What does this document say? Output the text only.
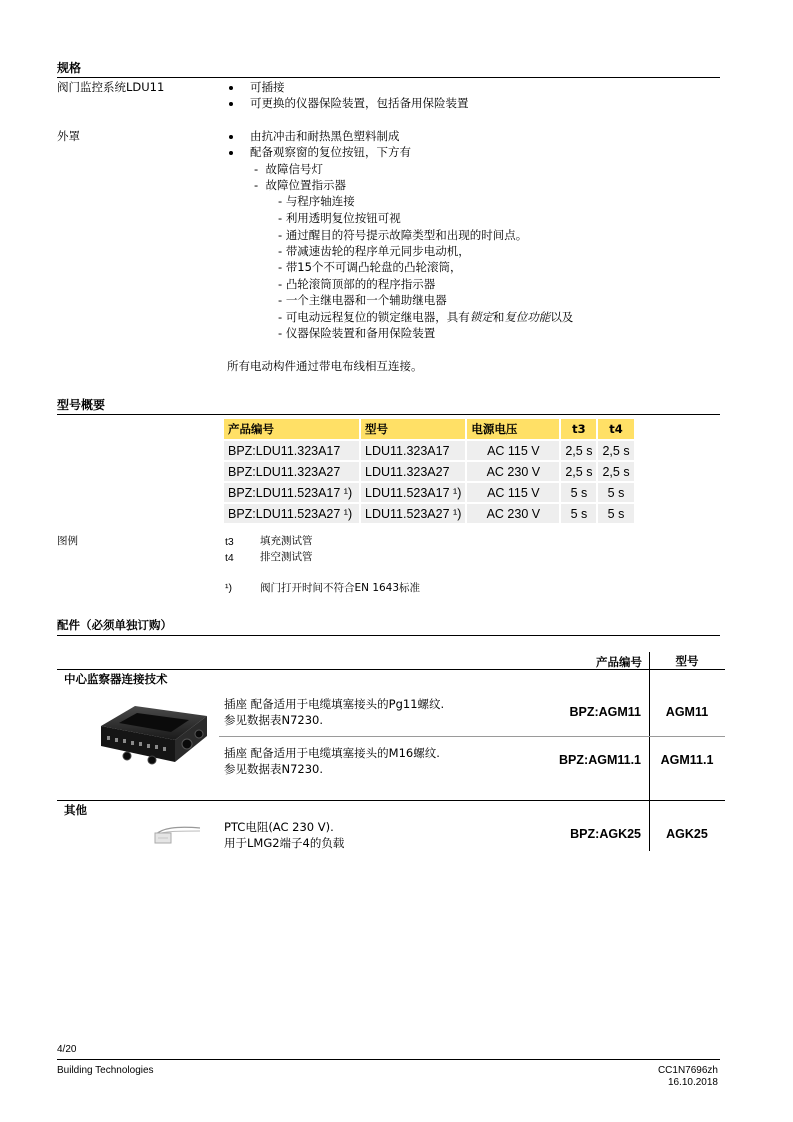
规格
阀门监控系统LDU11	可插接
可更换的仪器保险装置，包括备用保险装置
外罩	由抗冲击和耐热黑色塑料制成
配备观察窗的复位按钮，下方有
-  故障信号灯
-  故障位置指示器
- 与程序轴连接
- 利用透明复位按钮可视
- 通过醒目的符号提示故障类型和出现的时间点。
- 带减速齿轮的程序单元同步电动机，
- 带15个不可调凸轮盘的凸轮滚筒，
- 凸轮滚筒顶部的的程序指示器
- 一个主继电器和一个辅助继电器
- 可电动远程复位的锁定继电器，具有锁定和复位功能以及
- 仪器保险装置和备用保险装置
所有电动构件通过带电布线相互连接。
型号概要
产品编号	型号	电源电压	t3	t4
BPZ:LDU11.323A17	LDU11.323A17	AC 115 V	2,5 s	2,5 s
BPZ:LDU11.323A27	LDU11.323A27	AC 230 V	2,5 s	2,5 s
BPZ:LDU11.523A17 ¹)	LDU11.523A17 ¹)	AC 115 V	5 s	5 s
BPZ:LDU11.523A27 ¹)	LDU11.523A27 ¹)	AC 230 V	5 s	5 s
图例	t3 填充测试管
t4 排空测试管
¹)	阀门打开时间不符合EN 1643标准
配件（必须单独订购）
产品编号	型号
中心监察器连接技术
插座 配备适用于电缆填塞接头的Pg11螺纹.
参见数据表N7230.
BPZ:AGM11	AGM11
插座 配备适用于电缆填塞接头的M16螺纹.
参见数据表N7230.
BPZ:AGM11.1	AGM11.1
其他
PTC电阻(AC 230 V).
用于LMG2端子4的负载
BPZ:AGK25	AGK25
4/20
Building Technologies	CC1N7696zh
16.10.2018
